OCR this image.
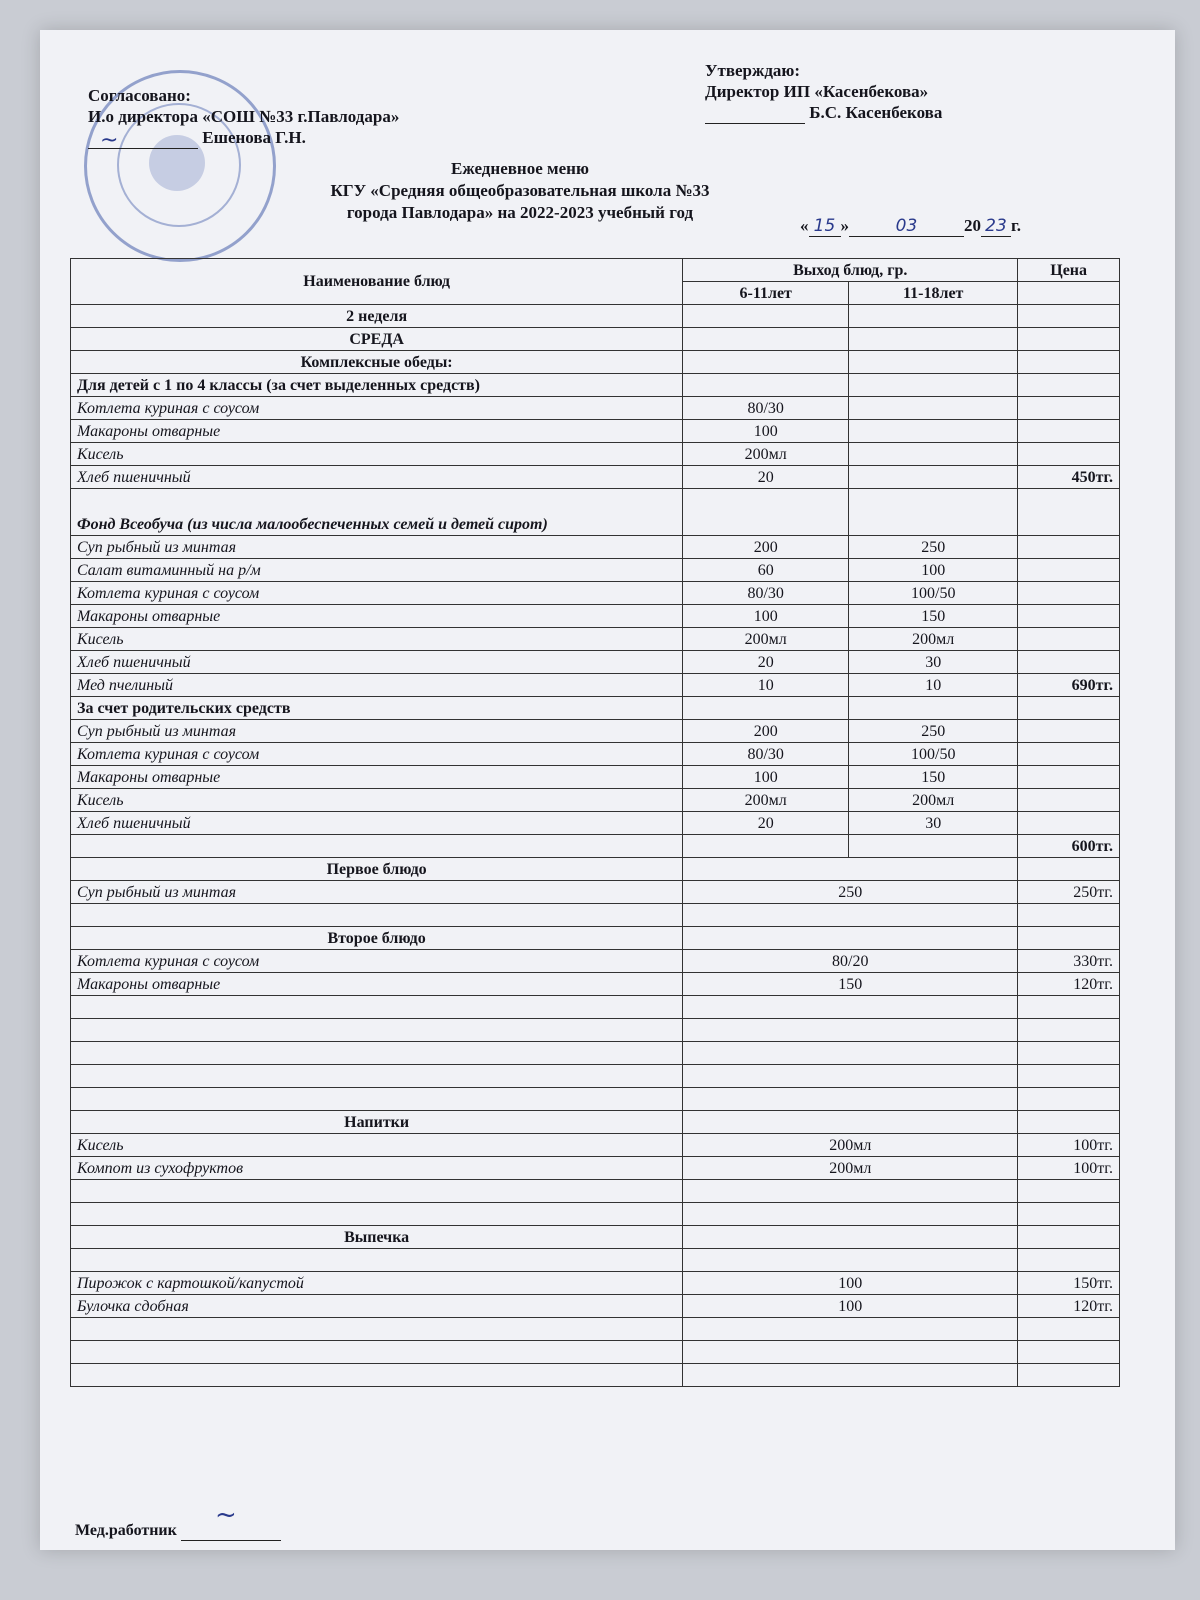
Согласовано:
И.о директора «СОШ №33 г.Павлодара»
Ешенова Г.Н.
~
Утверждаю:
Директор ИП «Касенбекова»
Б.С. Касенбекова
Ежедневное меню
КГУ «Средняя общеобразовательная школа №33
города Павлодара» на 2022-2023 учебный год
« 15 »	03	20 23 г.
Наименование блюд	Выход блюд, гр.		Цена
	6-11лет	11-18лет	
2 неделя			
СРЕДА			
Комплексные обеды:			
Для детей с 1 по 4 классы (за счет выделенных средств)			
Котлета куриная с соусом	80/30		
Макароны отварные	100		
Кисель	200мл		
Хлеб пшеничный	20		450тг.
Фонд Всеобуча (из числа малообеспеченных семей и детей сирот)			
Суп рыбный из минтая	200	250	
Салат витаминный на р/м	60	100	
Котлета куриная с соусом	80/30	100/50	
Макароны отварные	100	150	
Кисель	200мл	200мл	
Хлеб пшеничный	20	30	
Мед пчелиный	10	10	690тг.
За счет родительских средств			
Суп рыбный из минтая	200	250	
Котлета куриная с соусом	80/30	100/50	
Макароны отварные	100	150	
Кисель	200мл	200мл	
Хлеб пшеничный	20	30	
			600тг.
Первое блюдо			
Суп рыбный из минтая	250		250тг.

Второе блюдо			
Котлета куриная с соусом	80/20		330тг.
Макароны отварные	150		120тг.

Напитки			
Кисель	200мл		100тг.
Компот из сухофруктов	200мл		100тг.

Выпечка			

Пирожок с картошкой/капустой	100		150тг.
Булочка сдобная	100		120тг.

Мед.работник
~
